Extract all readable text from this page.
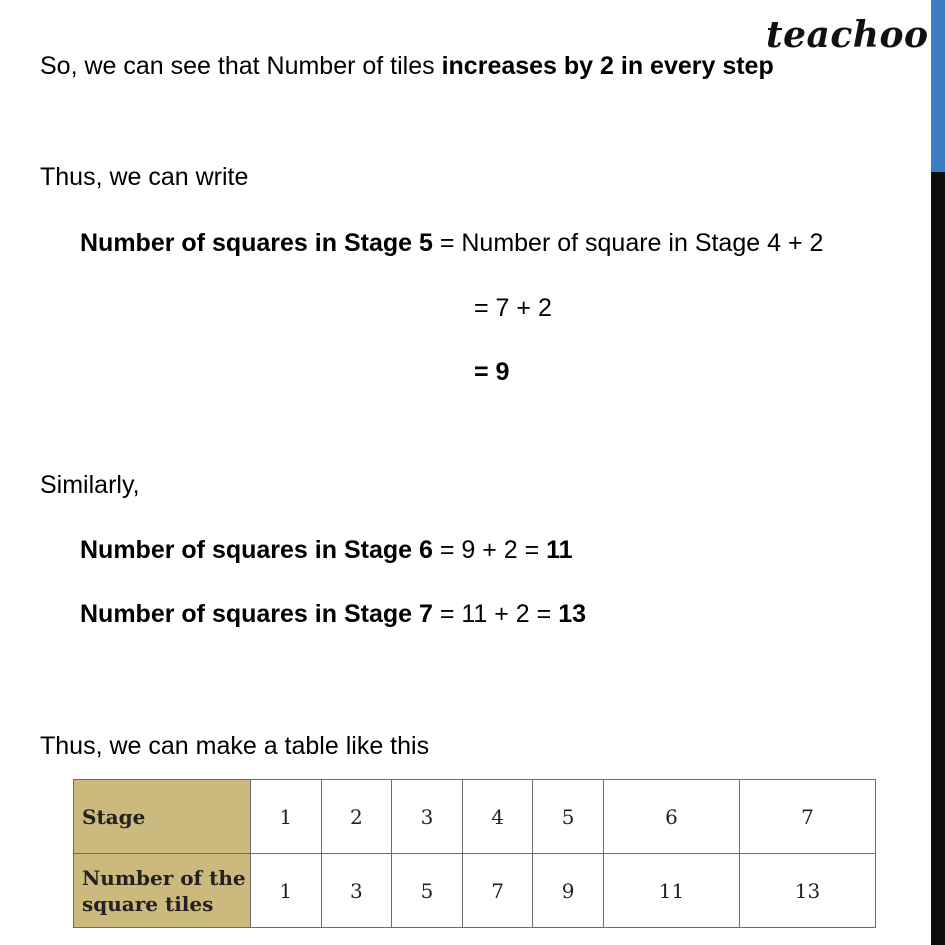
teachoo
So, we can see that Number of tiles increases by 2 in every step
Thus, we can write
Number of squares in Stage 5 = Number of square in Stage 4 + 2
= 7 + 2
= 9
Similarly,
Number of squares in Stage 6 = 9 + 2 = 11
Number of squares in Stage 7 = 11 + 2 = 13
Thus, we can make a table like this
Stage	1	2	3	4	5	6	7
Number of the
square tiles	1	3	5	7	9	11	13
